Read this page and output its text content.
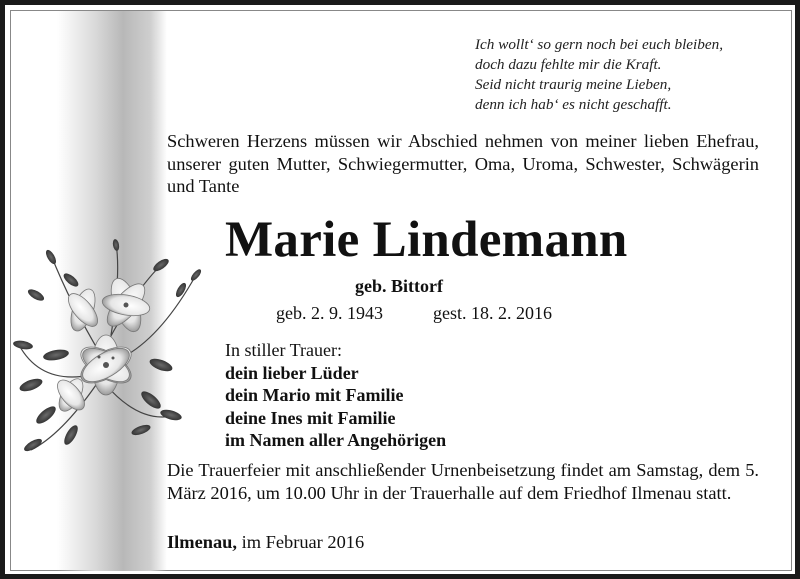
Ich wollt‘ so gern noch bei euch bleiben,
doch dazu fehlte mir die Kraft.
Seid nicht traurig meine Lieben,
denn ich hab‘ es nicht geschafft.
Schweren Herzens müssen wir Abschied nehmen von meiner lieben Ehefrau, unserer guten Mutter, Schwiegermutter, Oma, Uroma, Schwester, Schwägerin und Tante
Marie Lindemann
geb. Bittorf
geb. 2. 9. 1943	gest. 18. 2. 2016
In stiller Trauer:
dein lieber Lüder
dein Mario mit Familie
deine Ines mit Familie
im Namen aller Angehörigen
Die Trauerfeier mit anschließender Urnenbeisetzung findet am Samstag, dem 5. März 2016, um 10.00 Uhr in der Trauerhalle auf dem Friedhof Ilmenau statt.
Ilmenau, im Februar 2016
